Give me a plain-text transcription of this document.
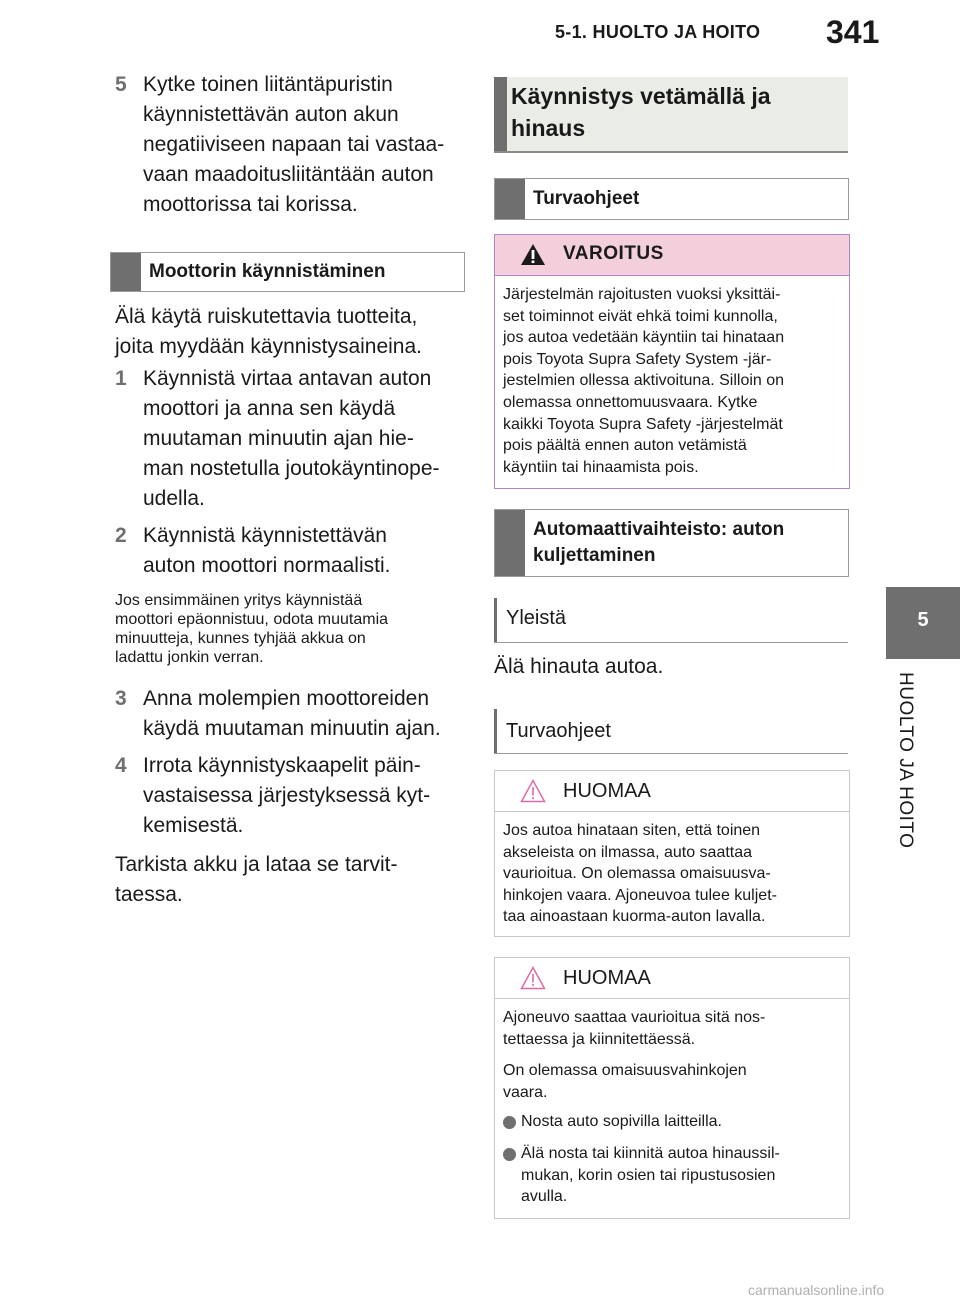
5-1. HUOLTO JA HOITO 341
5
HUOLTO JA HOITO
5 Kytke toinen liitäntäpuristin
käynnistettävän auton akun
negatiiviseen napaan tai vastaa-
vaan maadoitusliitäntään auton
moottorissa tai korissa.
Moottorin käynnistäminen
Älä käytä ruiskutettavia tuotteita,
joita myydään käynnistysaineina.
1 Käynnistä virtaa antavan auton
moottori ja anna sen käydä
muutaman minuutin ajan hie-
man nostetulla joutokäyntinope-
udella.
2 Käynnistä käynnistettävän
auton moottori normaalisti.
Jos ensimmäinen yritys käynnistää
moottori epäonnistuu, odota muutamia
minuutteja, kunnes tyhjää akkua on
ladattu jonkin verran.
3 Anna molempien moottoreiden
käydä muutaman minuutin ajan.
4 Irrota käynnistyskaapelit päin-
vastaisessa järjestyksessä kyt-
kemisestä.
Tarkista akku ja lataa se tarvit-
taessa.
Käynnistys vetämällä ja
hinaus
Turvaohjeet
VAROITUS
Järjestelmän rajoitusten vuoksi yksittäi-
set toiminnot eivät ehkä toimi kunnolla,
jos autoa vedetään käyntiin tai hinataan
pois Toyota Supra Safety System -jär-
jestelmien ollessa aktivoituna. Silloin on
olemassa onnettomuusvaara. Kytke
kaikki Toyota Supra Safety -järjestelmät
pois päältä ennen auton vetämistä
käyntiin tai hinaamista pois.
Automaattivaihteisto: auton
kuljettaminen
Yleistä
Älä hinauta autoa.
Turvaohjeet
HUOMAA
Jos autoa hinataan siten, että toinen
akseleista on ilmassa, auto saattaa
vaurioitua. On olemassa omaisuusva-
hinkojen vaara. Ajoneuvoa tulee kuljet-
taa ainoastaan kuorma-auton lavalla.
HUOMAA
Ajoneuvo saattaa vaurioitua sitä nos-
tettaessa ja kiinnitettäessä.
On olemassa omaisuusvahinkojen
vaara.
Nosta auto sopivilla laitteilla.
Älä nosta tai kiinnitä autoa hinaussil-
mukan, korin osien tai ripustusosien
avulla.
carmanualsonline.info
